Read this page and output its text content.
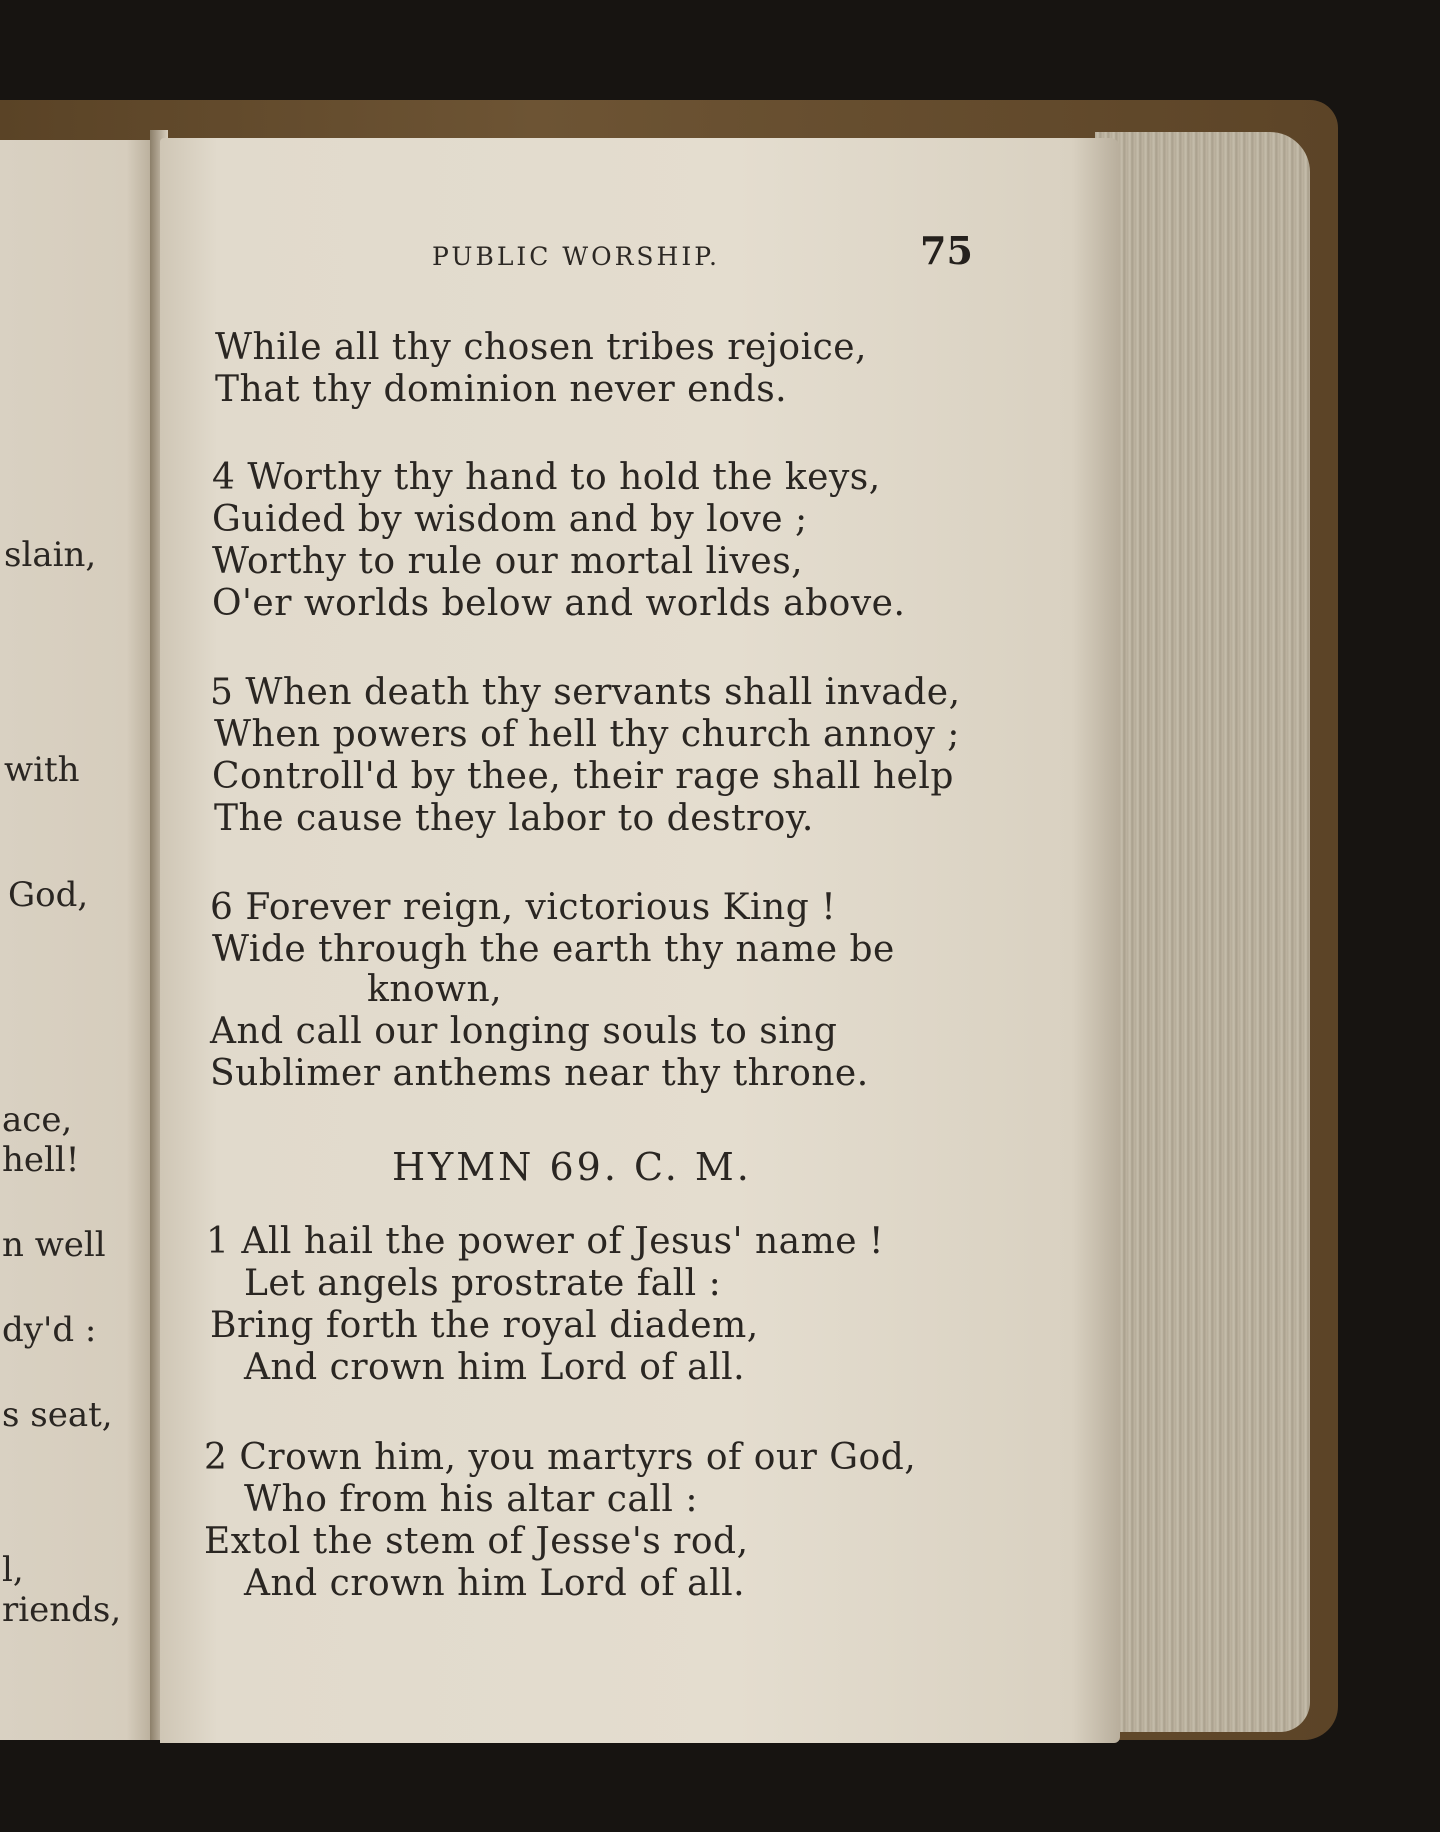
slain,
with
God,
ace,
hell!
n well
dy'd :
s seat,
l,
riends,
PUBLIC WORSHIP.	75
While all thy chosen tribes rejoice,
That thy dominion never ends.
4 Worthy thy hand to hold the keys,
Guided by wisdom and by love ;
Worthy to rule our mortal lives,
O'er worlds below and worlds above.
5 When death thy servants shall invade,
When powers of hell thy church annoy ;
Controll'd by thee, their rage shall help
The cause they labor to destroy.
6 Forever reign, victorious King !
Wide through the earth thy name be
known,
And call our longing souls to sing
Sublimer anthems near thy throne.
HYMN 69. C. M.
1 All hail the power of Jesus' name !
Let angels prostrate fall :
Bring forth the royal diadem,
And crown him Lord of all.
2 Crown him, you martyrs of our God,
Who from his altar call :
Extol the stem of Jesse's rod,
And crown him Lord of all.
